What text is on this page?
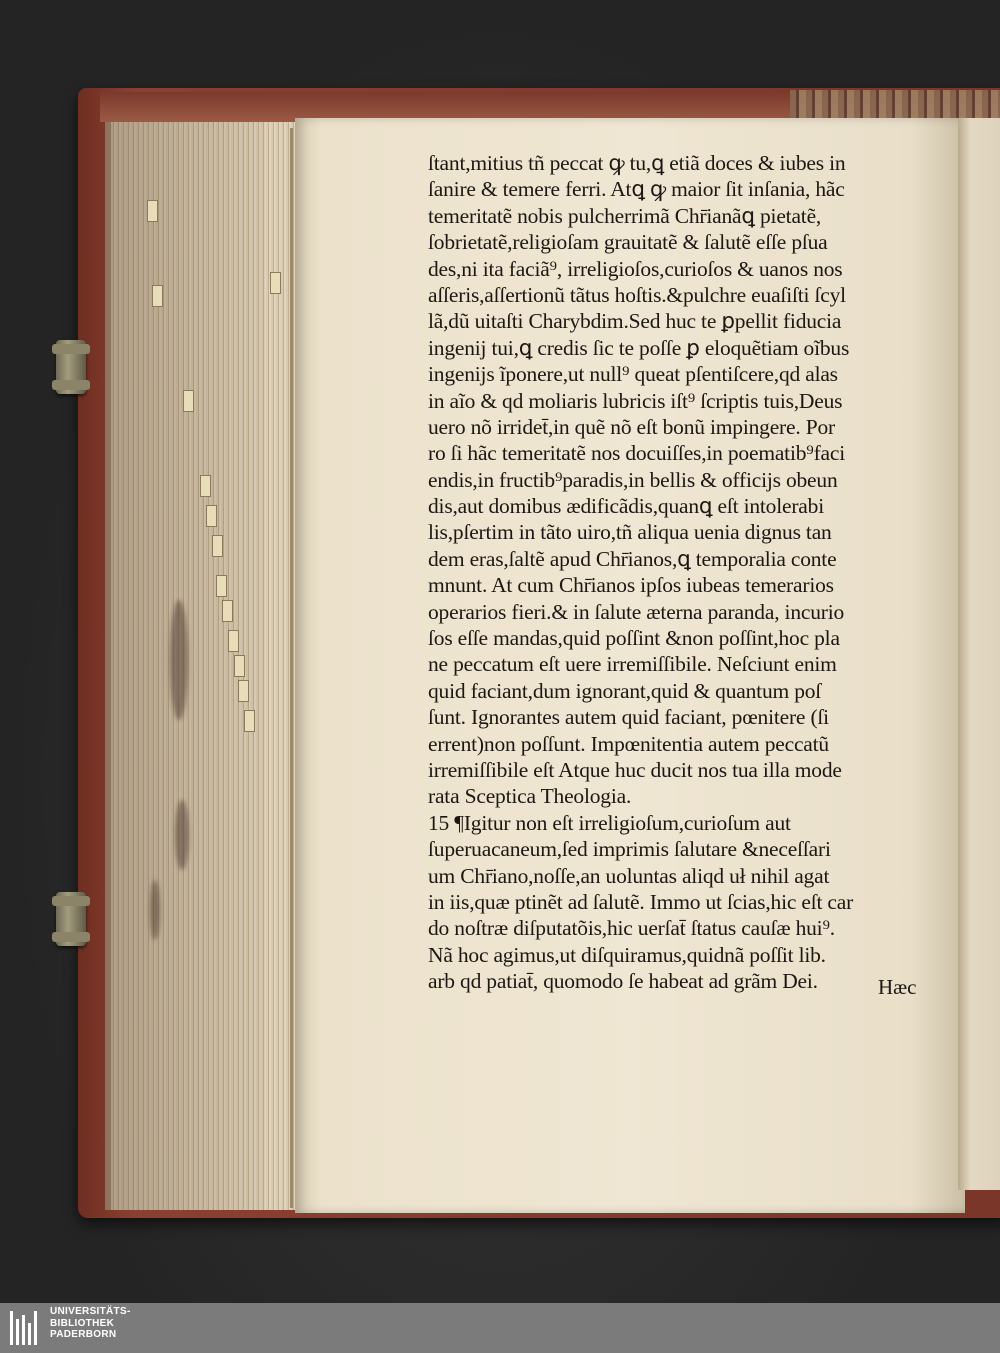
ſtant,mitius tñ peccat ꝙ tu,ꝗ etiã doces & iubes in
ſanire & temere ferri. Atꝗ ꝙ maior ſit inſania, hãc
temeritatẽ nobis pulcherrimã Chr̄ianãꝗ pietatẽ,
ſobrietatẽ,religioſam grauitatẽ & ſalutẽ eſſe pſua
des,ni ita faciã⁹, irreligioſos,curioſos & uanos nos
aſſeris,aſſertionũ tãtus hoſtis.&pulchre euaſiſti ſcyl
lã,dũ uitaſti Charybdim.Sed huc te ꝑpellit fiducia
ingenij tui,ꝗ credis ſic te poſſe ꝑ eloquẽtiam oĩbus
ingenijs ĩponere,ut null⁹ queat pſentiſcere,qd alas
in aĩo & qd moliaris lubricis iſt⁹ ſcriptis tuis,Deus
uero nõ irridet̄,in quẽ nõ eſt bonũ impingere. Por
ro ſi hãc temeritatẽ nos docuiſſes,in poematib⁹faci
endis,in fructib⁹paradis,in bellis & officijs obeun
dis,aut domibus ædificãdis,quanꝗ eſt intolerabi
lis,pſertim in tãto uiro,tñ aliqua uenia dignus tan
dem eras,ſaltẽ apud Chr̄ianos,ꝗ temporalia conte
mnunt. At cum Chr̄ianos ipſos iubeas temerarios
operarios fieri.& in ſalute æterna paranda, incurio
ſos eſſe mandas,quid poſſint &non poſſint,hoc pla
ne peccatum eſt uere irremiſſibile. Neſciunt enim
quid faciant,dum ignorant,quid & quantum poſ
ſunt. Ignorantes autem quid faciant, pœnitere (ſi
errent)non poſſunt. Impœnitentia autem peccatũ
irremiſſibile eſt Atque huc ducit nos tua illa mode
rata Sceptica Theologia.
15 ¶Igitur non eſt irreligioſum,curioſum aut
ſuperuacaneum,ſed imprimis ſalutare &neceſſari
um Chr̄iano,noſſe,an uoluntas aliqd uł nihil agat
in iis,quæ ptinẽt ad ſalutẽ. Immo ut ſcias,hic eſt car
do noſtræ diſputatõis,hic uerſat̄ ſtatus cauſæ hui⁹.
Nã hoc agimus,ut diſquiramus,quidnã poſſit lib.
arb qd patiat̄, quomodo ſe habeat ad grãm Dei.	Hæc
UNIVERSITÄTS-
BIBLIOTHEK
PADERBORN
